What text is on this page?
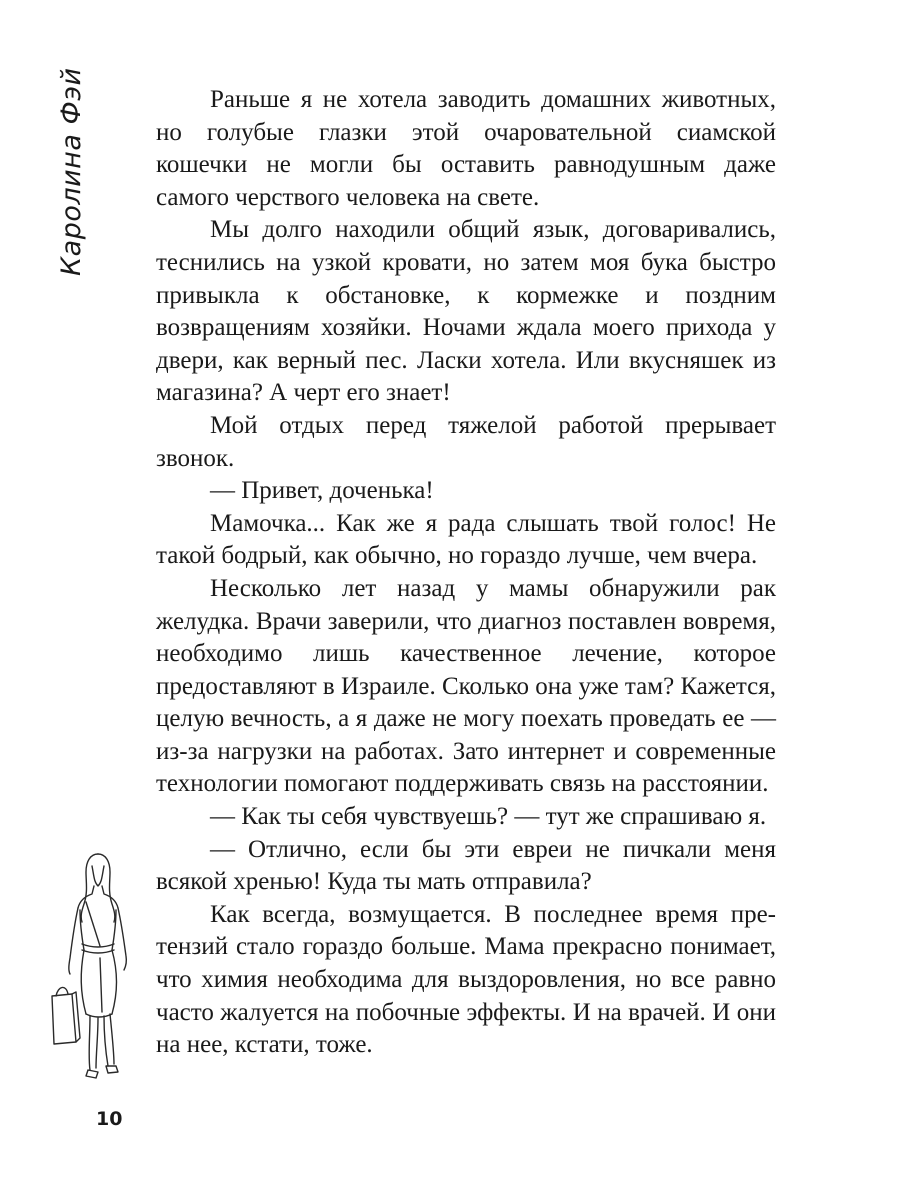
Каролина Фэй	Раньше я не хотела заводить домашних животных, но голубые глазки этой очаровательной сиамской кошечки не могли бы оставить равнодушным даже самого черствого человека на свете.

Мы долго находили общий язык, договаривались, теснились на узкой кровати, но затем моя бука быстро привыкла к обстановке, к кормежке и поздним возвращениям хозяйки. Ночами ждала моего прихода у двери, как верный пес. Ласки хотела. Или вкусняшек из магазина? А черт его знает!

Мой отдых перед тяжелой работой прерывает звонок.

— Привет, доченька!

Мамочка... Как же я рада слышать твой голос! Не такой бодрый, как обычно, но гораздо лучше, чем вчера.

Несколько лет назад у мамы обнаружили рак желудка. Врачи заверили, что диагноз поставлен вовремя, необходимо лишь качественное лечение, которое предоставляют в Израиле. Сколько она уже там? Кажется, целую вечность, а я даже не могу поехать проведать ее — из-за нагрузки на работах. Зато интернет и современные технологии помогают поддерживать связь на расстоянии.

— Как ты себя чувствуешь? — тут же спрашиваю я.

— Отлично, если бы эти евреи не пичкали меня всякой хренью! Куда ты мать отправила?

Как всегда, возмущается. В последнее время претензий стало гораздо больше. Мама прекрасно понимает, что химия необходима для выздоровления, но все равно часто жалуется на побочные эффекты. И на врачей. И они на нее, кстати, тоже.

10
